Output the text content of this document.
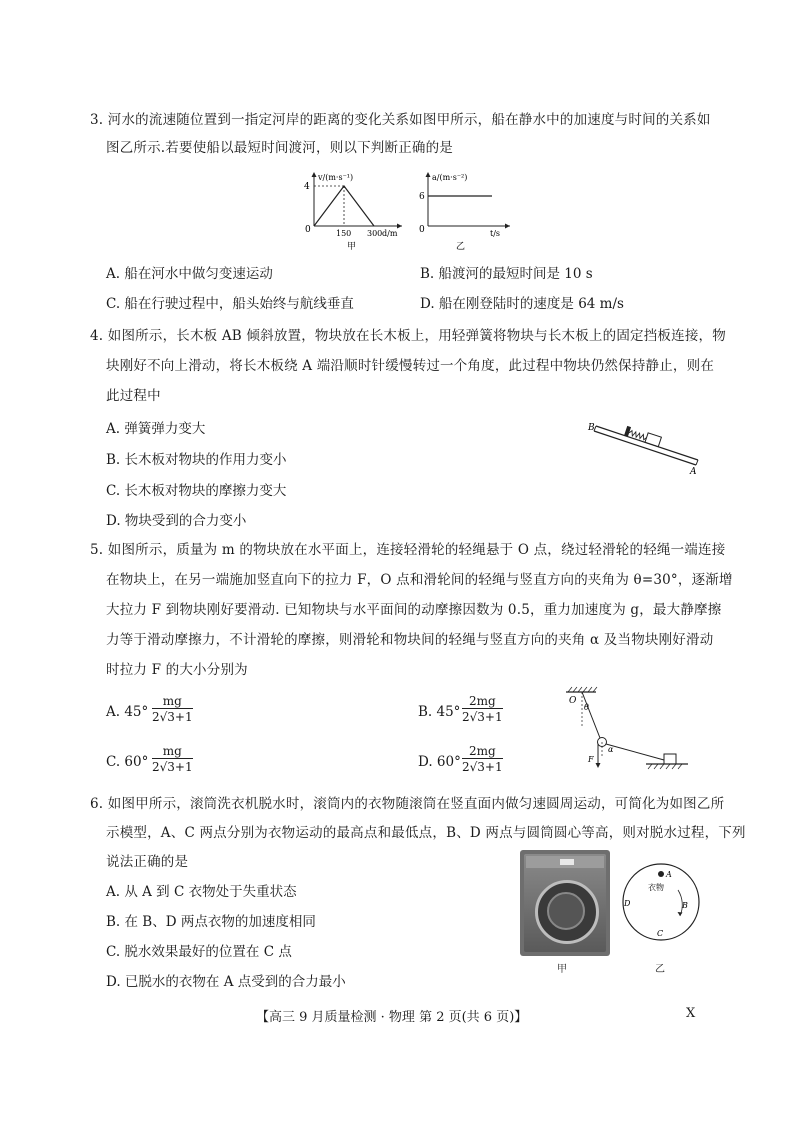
3. 河水的流速随位置到一指定河岸的距离的变化关系如图甲所示，船在静水中的加速度与时间的关系如
图乙所示.若要使船以最短时间渡河，则以下判断正确的是
v/(m·s⁻¹)
4
0	150 300 d/m
甲
a/(m·s⁻²)
6
0	t/s
乙
A. 船在河水中做匀变速运动	B. 船渡河的最短时间是 10 s
C. 船在行驶过程中，船头始终与航线垂直	D. 船在刚登陆时的速度是 64 m/s
4. 如图所示，长木板 AB 倾斜放置，物块放在长木板上，用轻弹簧将物块与长木板上的固定挡板连接，物
块刚好不向上滑动，将长木板绕 A 端沿顺时针缓慢转过一个角度，此过程中物块仍然保持静止，则在
此过程中
A. 弹簧弹力变大
B. 长木板对物块的作用力变小
C. 长木板对物块的摩擦力变大
D. 物块受到的合力变小
B
A
5. 如图所示，质量为 m 的物块放在水平面上，连接轻滑轮的轻绳悬于 O 点，绕过轻滑轮的轻绳一端连接
在物块上，在另一端施加竖直向下的拉力 F，O 点和滑轮间的轻绳与竖直方向的夹角为 θ=30°，逐渐增
大拉力 F 到物块刚好要滑动. 已知物块与水平面间的动摩擦因数为 0.5，重力加速度为 g，最大静摩擦
力等于滑动摩擦力，不计滑轮的摩擦，则滑轮和物块间的轻绳与竖直方向的夹角 α 及当物块刚好滑动
时拉力 F 的大小分别为
A. $45^\circ \frac{mg}{2√3+1}$	B. $45^\circ \frac{2mg}{2√3+1}$
C. $60^\circ \frac{mg}{2√3+1}$	D. $60^\circ \frac{2mg}{2√3+1}$
O
θ
α
F
6. 如图甲所示，滚筒洗衣机脱水时，滚筒内的衣物随滚筒在竖直面内做匀速圆周运动，可简化为如图乙所
示模型，A、C 两点分别为衣物运动的最高点和最低点，B、D 两点与圆筒圆心等高，则对脱水过程，下列
说法正确的是
A. 从 A 到 C 衣物处于失重状态
B. 在 B、D 两点衣物的加速度相同
C. 脱水效果最好的位置在 C 点
D. 已脱水的衣物在 A 点受到的合力最小
甲
A
衣物
B
D
C
乙
【高三 9 月质量检测 · 物理 第 2 页(共 6 页)】	X
